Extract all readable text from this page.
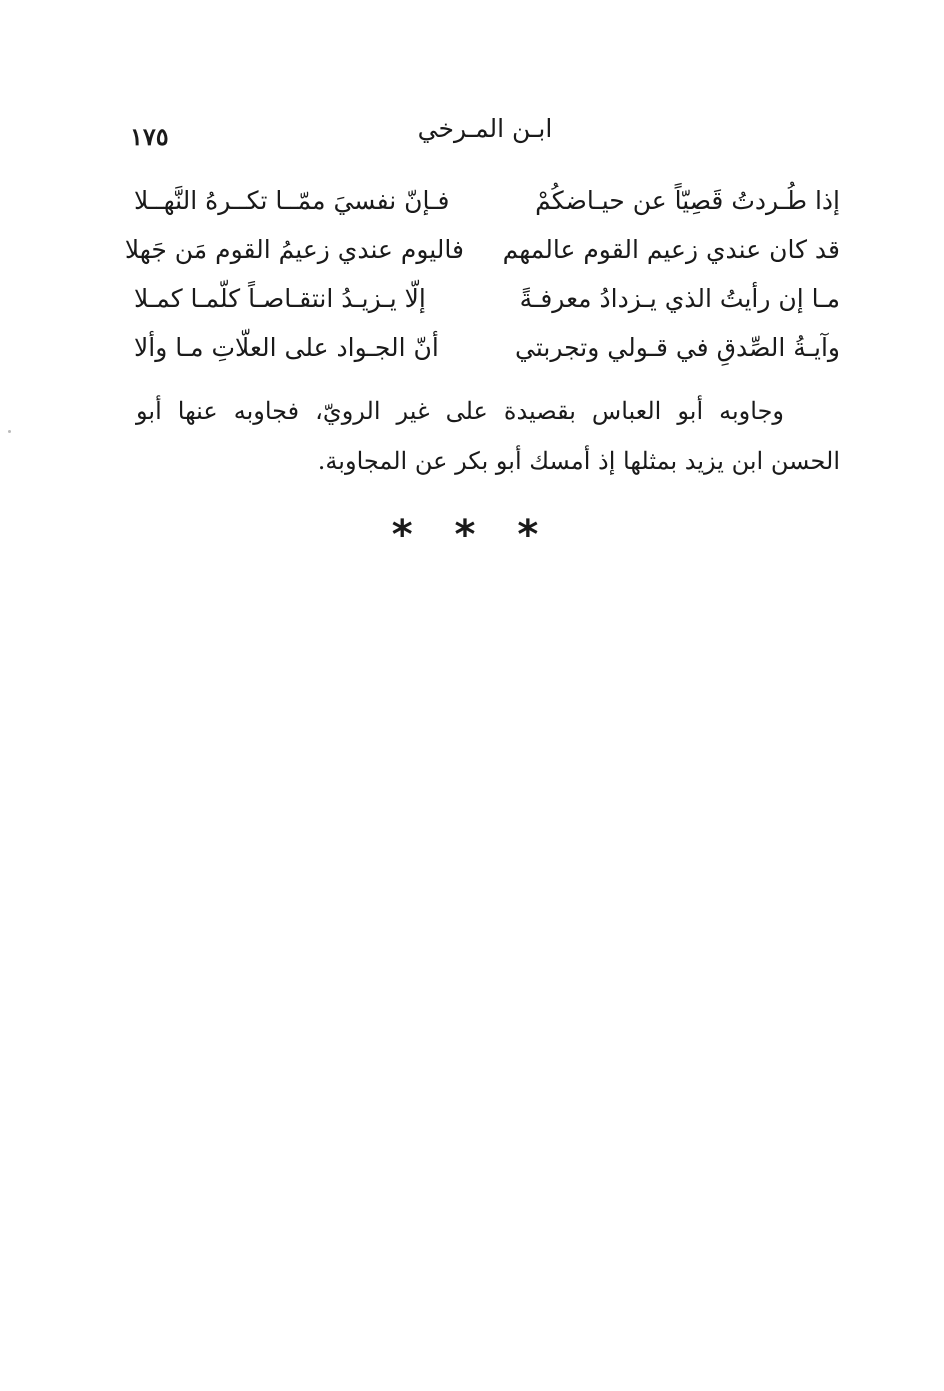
ابـن المـرخي
١٧٥
إذا طُـردتُ قَصِيّاً عن حيـاضكُمْ
فـإنّ نفسيَ ممّــا تكــرهُ النَّهــلا
قد كان عندي زعيم القوم عالمهم
فاليوم عندي زعيمُ القوم مَن جَهلا
مـا إن رأيتُ الذي يـزدادُ معرفـةً
إلّا يـزيـدُ انتقـاصـاً كلّمـا كمـلا
وآيـةُ الصِّدقِ في قـولي وتجربتي
أنّ الجـواد على العلّاتِ مـا وألا

وجاوبه أبو العباس بقصيدة على غير الرويّ، فجاوبه عنها أبو الحسن ابن يزيد بمثلها إذ أمسك أبو بكر عن المجاوبة.

* * *
